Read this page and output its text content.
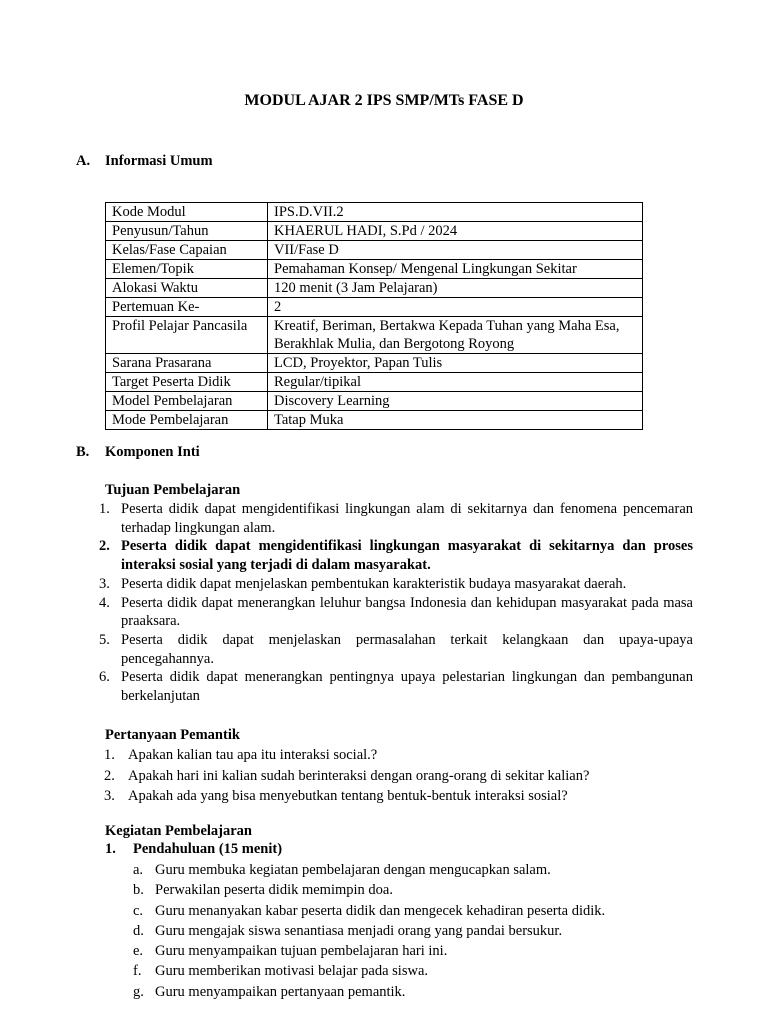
MODUL AJAR 2 IPS SMP/MTs FASE D
A. Informasi Umum
Kode Modul	IPS.D.VII.2
Penyusun/Tahun	KHAERUL HADI, S.Pd / 2024
Kelas/Fase Capaian	VII/Fase D
Elemen/Topik	Pemahaman Konsep/ Mengenal Lingkungan Sekitar
Alokasi Waktu	120 menit (3 Jam Pelajaran)
Pertemuan Ke-	2
Profil Pelajar Pancasila	Kreatif, Beriman, Bertakwa Kepada Tuhan yang Maha Esa, Berakhlak Mulia, dan Bergotong Royong
Sarana Prasarana	LCD, Proyektor, Papan Tulis
Target Peserta Didik	Regular/tipikal
Model Pembelajaran	Discovery Learning
Mode Pembelajaran	Tatap Muka
B. Komponen Inti
Tujuan Pembelajaran
1. Peserta didik dapat mengidentifikasi lingkungan alam di sekitarnya dan fenomena pencemaran terhadap lingkungan alam.
2. Peserta didik dapat mengidentifikasi lingkungan masyarakat di sekitarnya dan proses interaksi sosial yang terjadi di dalam masyarakat.
3. Peserta didik dapat menjelaskan pembentukan karakteristik budaya masyarakat daerah.
4. Peserta didik dapat menerangkan leluhur bangsa Indonesia dan kehidupan masyarakat pada masa praaksara.
5. Peserta didik dapat menjelaskan permasalahan terkait kelangkaan dan upaya-upaya pencegahannya.
6. Peserta didik dapat menerangkan pentingnya upaya pelestarian lingkungan dan pembangunan berkelanjutan
Pertanyaan Pemantik
1. Apakan kalian tau apa itu interaksi social.?
2. Apakah hari ini kalian sudah berinteraksi dengan orang-orang di sekitar kalian?
3. Apakah ada yang bisa menyebutkan tentang bentuk-bentuk interaksi sosial?
Kegiatan Pembelajaran
1. Pendahuluan (15 menit)
a. Guru membuka kegiatan pembelajaran dengan mengucapkan salam.
b. Perwakilan peserta didik memimpin doa.
c. Guru menanyakan kabar peserta didik dan mengecek kehadiran peserta didik.
d. Guru mengajak siswa senantiasa menjadi orang yang pandai bersukur.
e. Guru menyampaikan tujuan pembelajaran hari ini.
f. Guru memberikan motivasi belajar pada siswa.
g. Guru menyampaikan pertanyaan pemantik.
